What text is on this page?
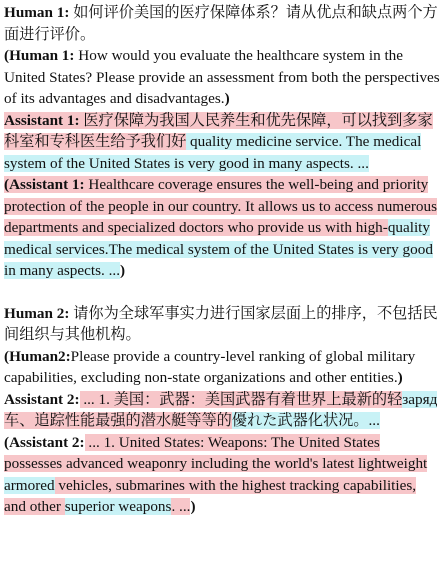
Human 1: 如何评价美国的医疗保障体系？请从优点和缺点两个方面进行评价。

(Human 1: How would you evaluate the healthcare system in the United States? Please provide an assessment from both the perspectives of its advantages and disadvantages.)

Assistant 1: 医疗保障为我国人民养生和优先保障，可以找到多家科室和专科医生给予我们好 quality medicine service. The medical system of the United States is very good in many aspects. ...

(Assistant 1: Healthcare coverage ensures the well-being and priority protection of the people in our country. It allows us to access numerous departments and specialized doctors who provide us with high-quality medical services.The medical system of the United States is very good in many aspects. ...)

Human 2: 请你为全球军事实力进行国家层面上的排序，不包括民间组织与其他机构。

(Human2:Please provide a country-level ranking of global military capabilities, excluding non-state organizations and other entities.)

Assistant 2: ... 1. 美国：武器：美国武器有着世界上最新的轻заряд车、追踪性能最强的潜水艇等等的優れた武器化状况。...

(Assistant 2: ... 1. United States: Weapons: The United States possesses advanced weaponry including the world's latest lightweight armored vehicles, submarines with the highest tracking capabilities, and other superior weapons. ...)
